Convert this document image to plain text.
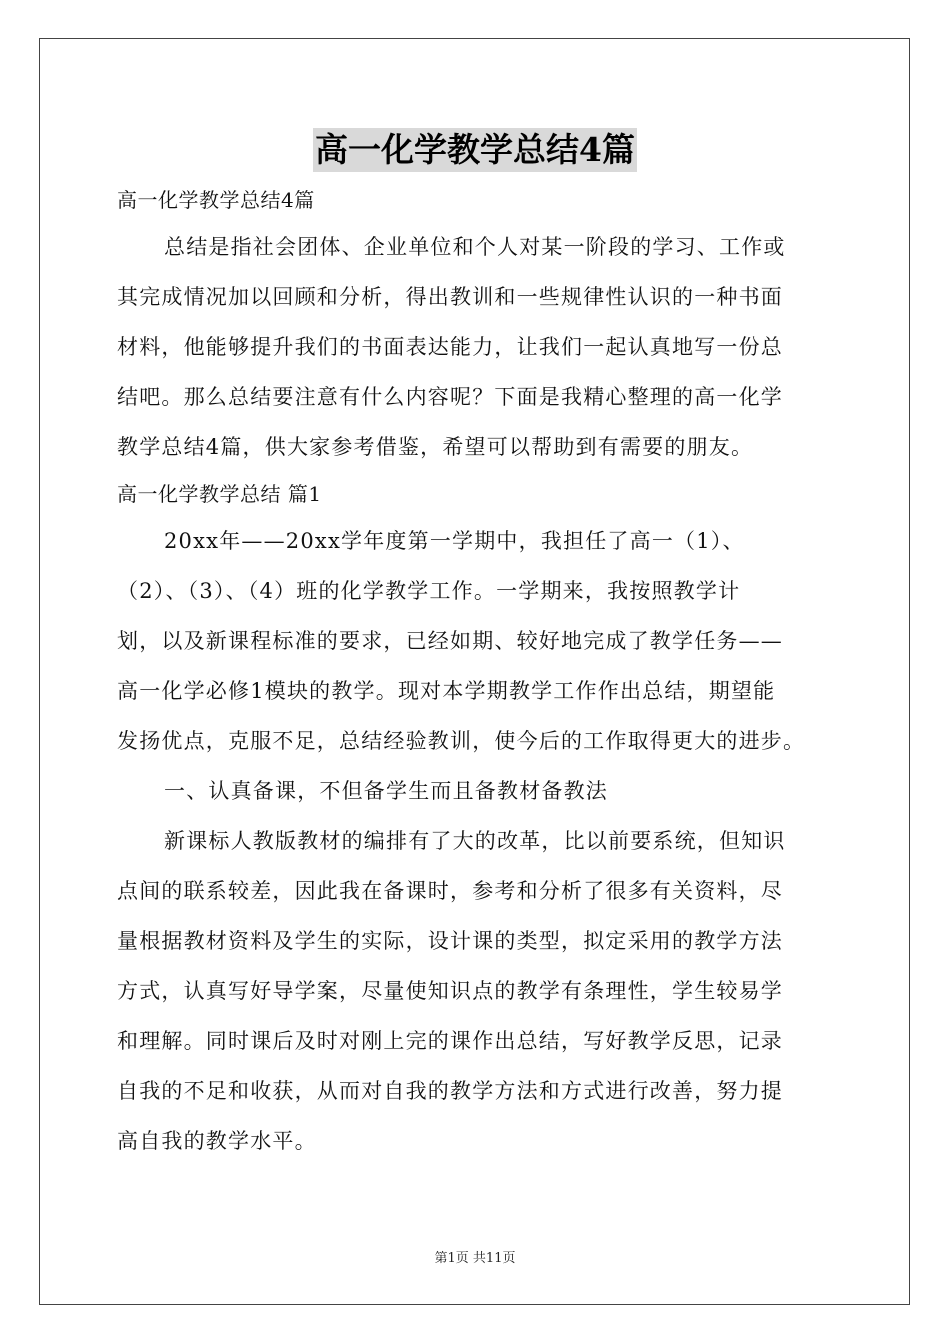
高一化学教学总结4篇
高一化学教学总结4篇
总结是指社会团体、企业单位和个人对某一阶段的学习、工作或
其完成情况加以回顾和分析，得出教训和一些规律性认识的一种书面
材料，他能够提升我们的书面表达能力，让我们一起认真地写一份总
结吧。那么总结要注意有什么内容呢？下面是我精心整理的高一化学
教学总结4篇，供大家参考借鉴，希望可以帮助到有需要的朋友。
高一化学教学总结 篇1
20xx年——20xx学年度第一学期中，我担任了高一（1）、
（2）、（3）、（4）班的化学教学工作。一学期来，我按照教学计
划，以及新课程标准的要求，已经如期、较好地完成了教学任务——
高一化学必修1模块的教学。现对本学期教学工作作出总结，期望能
发扬优点，克服不足，总结经验教训，使今后的工作取得更大的进步。
一、认真备课，不但备学生而且备教材备教法
新课标人教版教材的编排有了大的改革，比以前要系统，但知识
点间的联系较差，因此我在备课时，参考和分析了很多有关资料，尽
量根据教材资料及学生的实际，设计课的类型，拟定采用的教学方法
方式，认真写好导学案，尽量使知识点的教学有条理性，学生较易学
和理解。同时课后及时对刚上完的课作出总结，写好教学反思，记录
自我的不足和收获，从而对自我的教学方法和方式进行改善，努力提
高自我的教学水平。
第1页 共11页
